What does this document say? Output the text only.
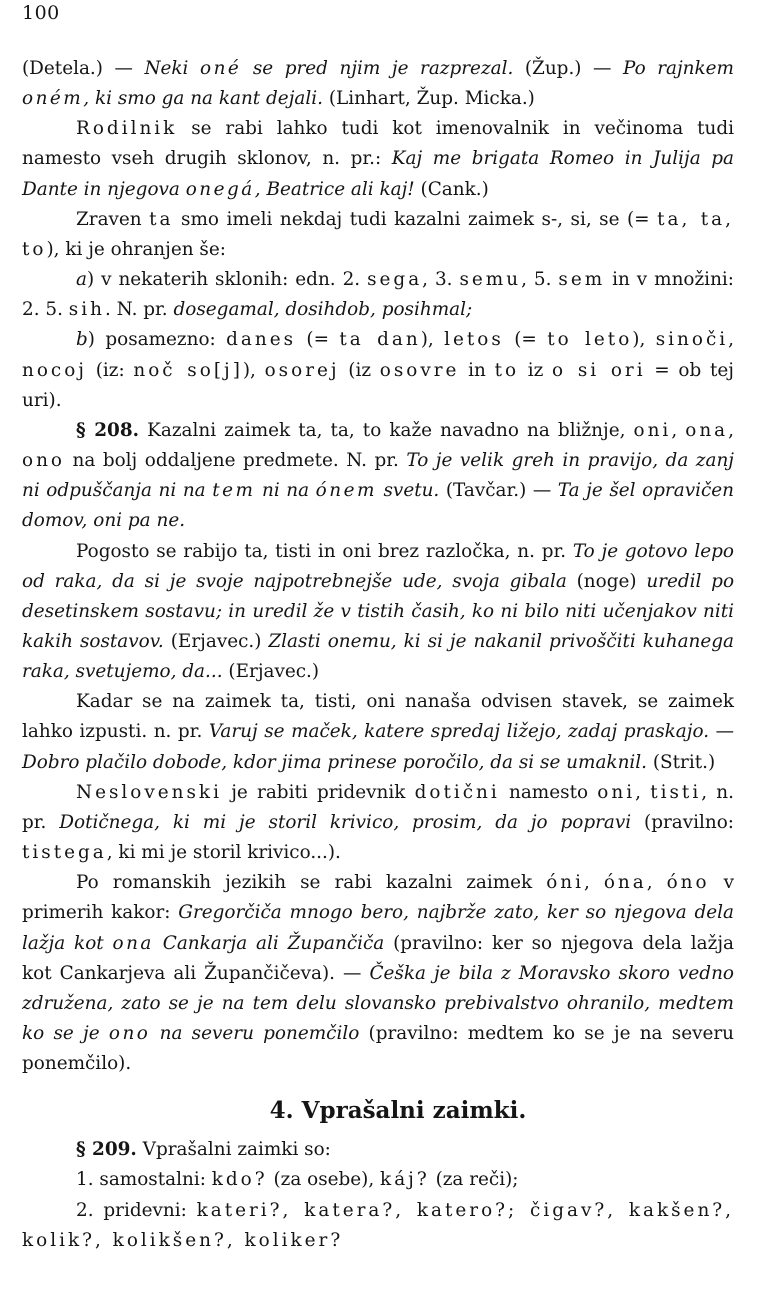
100

(Detela.) — Neki oné se pred njim je razprezal. (Žup.) — Po rajnkem oném, ki smo ga na kant dejali. (Linhart, Žup. Micka.)

Rodilnik se rabi lahko tudi kot imenovalnik in večinoma tudi namesto vseh drugih sklonov, n. pr.: Kaj me brigata Romeo in Julija pa Dante in njegova onegá, Beatrice ali kaj! (Cank.)

Zraven ta smo imeli nekdaj tudi kazalni zaimek s-, si, se (= ta, ta, to), ki je ohranjen še:

a) v nekaterih sklonih: edn. 2. sega, 3. semu, 5. sem in v množini: 2. 5. sih. N. pr. dosegamal, dosihdob, posihmal;

b) posamezno: danes (= ta dan), letos (= to leto), sinoči, nocoj (iz: noč so[j]), osorej (iz osovre in to iz o si ori = ob tej uri).

§ 208. Kazalni zaimek ta, ta, to kaže navadno na bližnje, oni, ona, ono na bolj oddaljene predmete. N. pr. To je velik greh in pravijo, da zanj ni odpuščanja ni na tem ni na ónem svetu. (Tavčar.) — Ta je šel opravičen domov, oni pa ne.

Pogosto se rabijo ta, tisti in oni brez razločka, n. pr. To je gotovo lepo od raka, da si je svoje najpotrebnejše ude, svoja gibala (noge) uredil po desetinskem sostavu; in uredil že v tistih časih, ko ni bilo niti učenjakov niti kakih sostavov. (Erjavec.) Zlasti onemu, ki si je nakanil privoščiti kuhanega raka, svetujemo, da... (Erjavec.)

Kadar se na zaimek ta, tisti, oni nanaša odvisen stavek, se zaimek lahko izpusti. n. pr. Varuj se maček, katere spredaj ližejo, zadaj praskajo. — Dobro plačilo dobode, kdor jima prinese poročilo, da si se umaknil. (Strit.)

Neslovenski je rabiti pridevnik dotični namesto oni, tisti, n. pr. Dotičnega, ki mi je storil krivico, prosim, da jo popravi (pravilno: tistega, ki mi je storil krivico...).

Po romanskih jezikih se rabi kazalni zaimek óni, óna, óno v primerih kakor: Gregorčiča mnogo bero, najbrže zato, ker so njegova dela lažja kot ona Cankarja ali Župančiča (pravilno: ker so njegova dela lažja kot Cankarjeva ali Župančičeva). — Češka je bila z Moravsko skoro vedno združena, zato se je na tem delu slovansko prebivalstvo ohranilo, medtem ko se je ono na severu ponemčilo (pravilno: medtem ko se je na severu ponemčilo).

4. Vprašalni zaimki.

§ 209. Vprašalni zaimki so:

1. samostalni: kdo? (za osebe), káj? (za reči);

2. pridevni: kateri?, katera?, katero?; čigav?, kakšen?, kolik?, kolikšen?, koliker?
